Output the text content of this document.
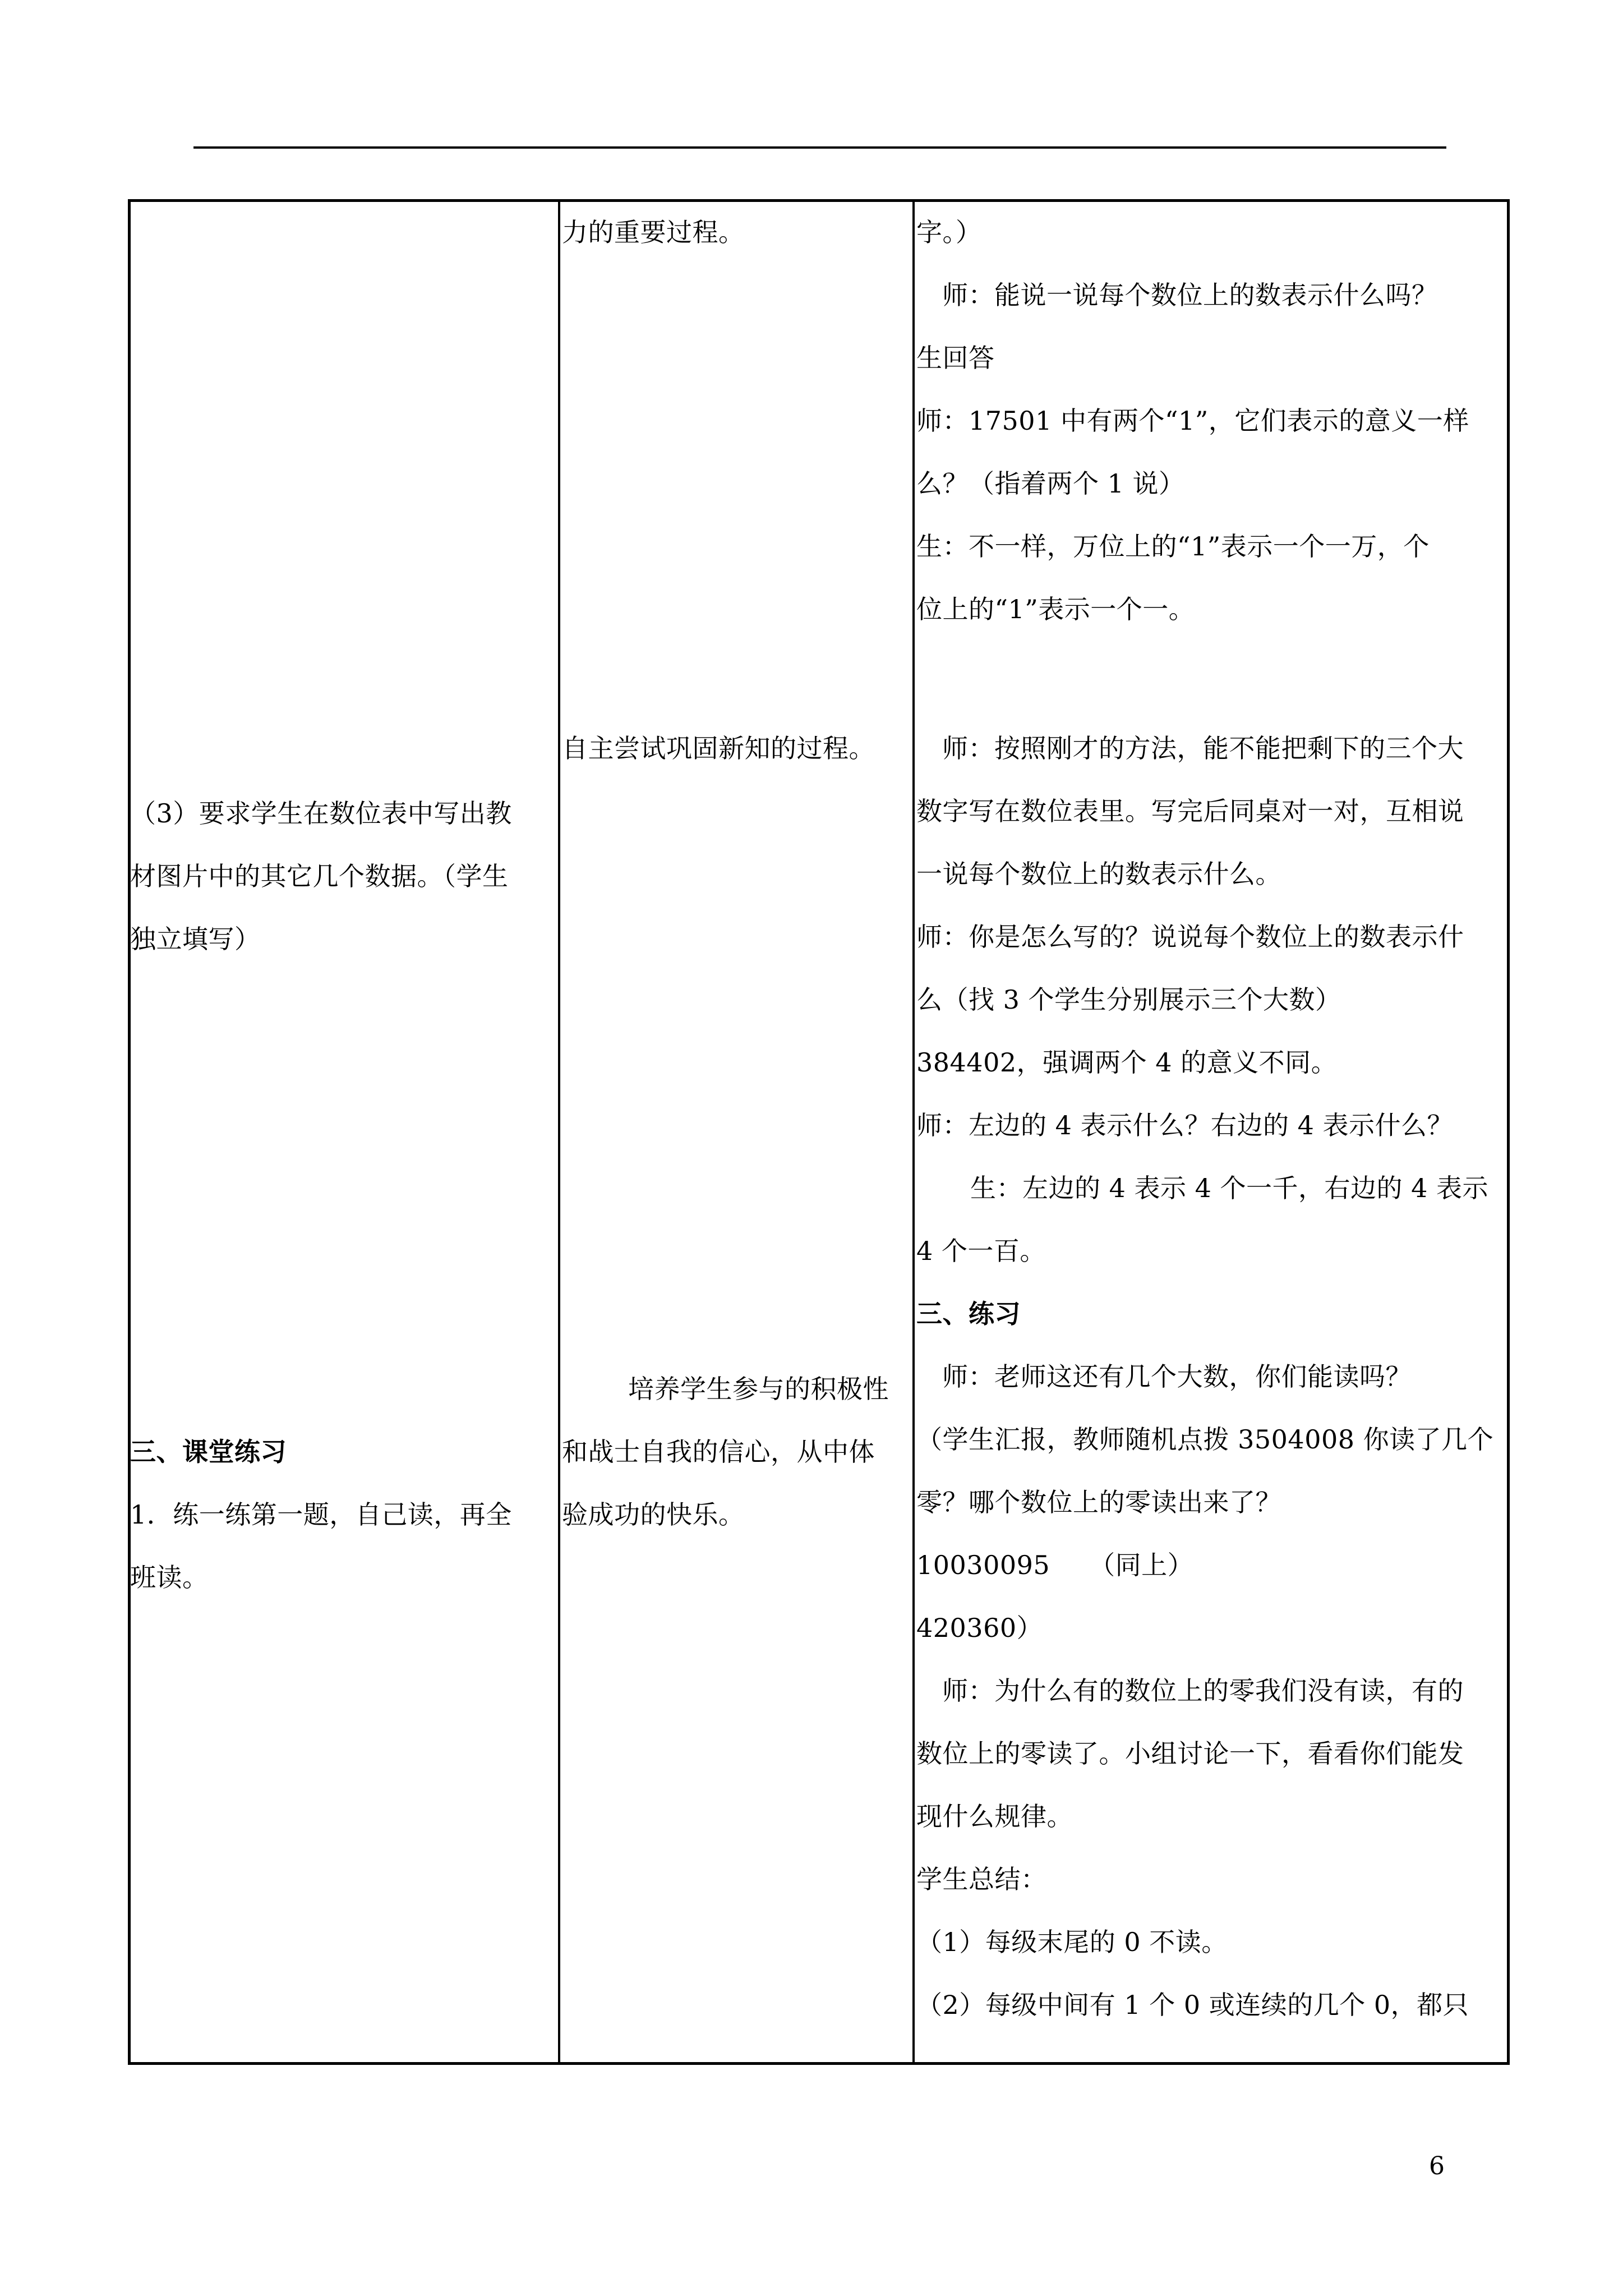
（3）要求学生在数位表中写出教
材图片中的其它几个数据。（学生
独立填写）
三、课堂练习
1．练一练第一题，自己读，再全
班读。
力的重要过程。
自主尝试巩固新知的过程。
培养学生参与的积极性
和战士自我的信心，从中体
验成功的快乐。
字。）
师：能说一说每个数位上的数表示什么吗？
生回答
师：17501 中有两个“1”，它们表示的意义一样
么？（指着两个 1 说）
生：不一样，万位上的“1”表示一个一万，个
位上的“1”表示一个一。
师：按照刚才的方法，能不能把剩下的三个大
数字写在数位表里。写完后同桌对一对，互相说
一说每个数位上的数表示什么。
师：你是怎么写的？说说每个数位上的数表示什
么（找 3 个学生分别展示三个大数）
384402，强调两个 4 的意义不同。
师：左边的 4 表示什么？右边的 4 表示什么？
生：左边的 4 表示 4 个一千，右边的 4 表示
4 个一百。
三、练习
师：老师这还有几个大数，你们能读吗？
（学生汇报，教师随机点拨 3504008 你读了几个
零？哪个数位上的零读出来了？
10030095　　（同上）
420360）
师：为什么有的数位上的零我们没有读，有的
数位上的零读了。小组讨论一下，看看你们能发
现什么规律。
学生总结：
（1）每级末尾的 0 不读。
（2）每级中间有 1 个 0 或连续的几个 0，都只
6
